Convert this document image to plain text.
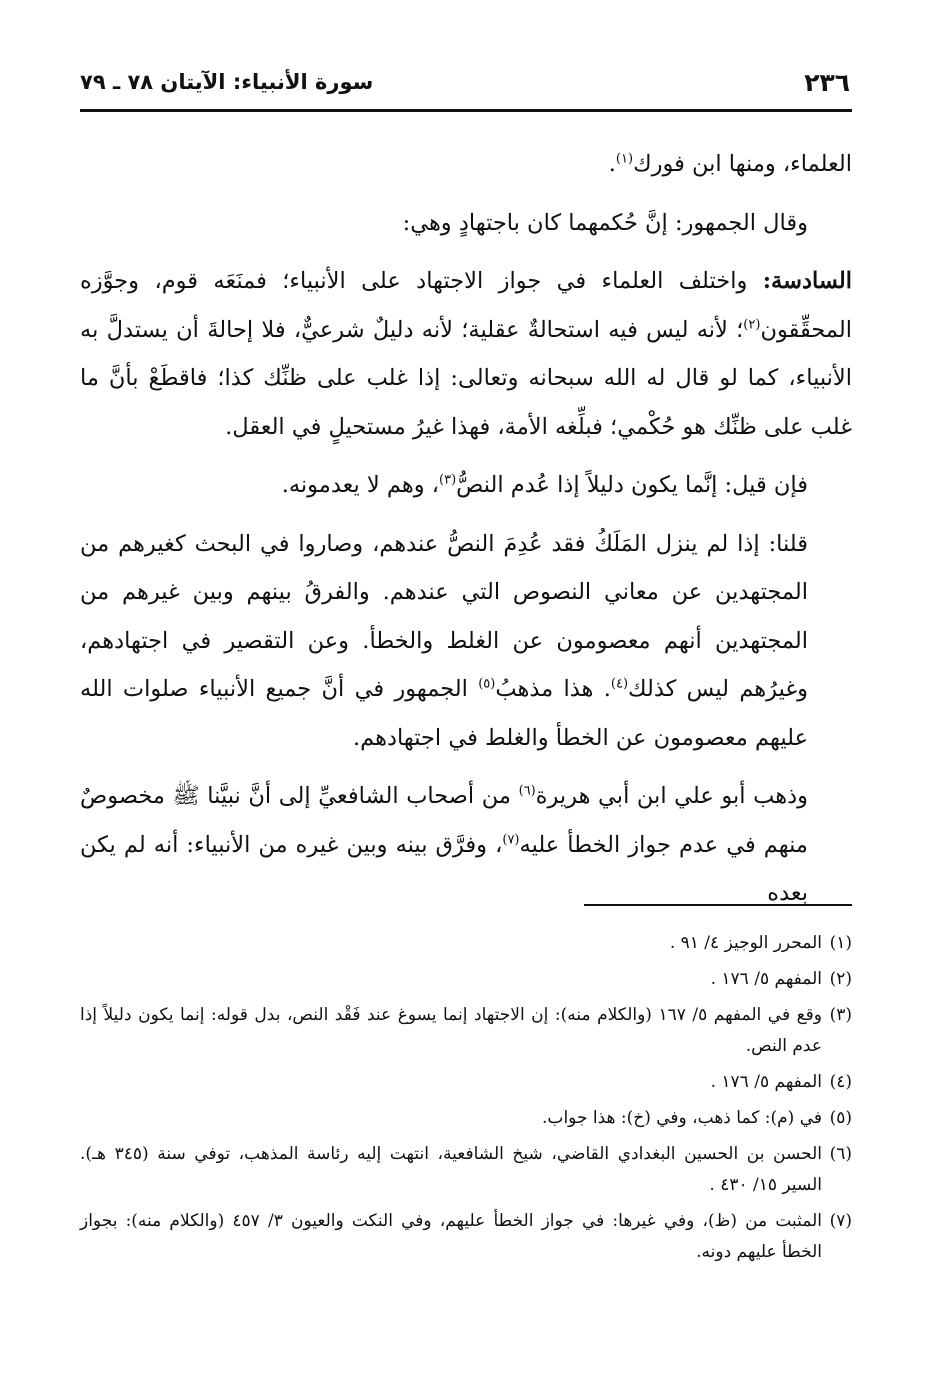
٢٣٦
سورة الأنبياء: الآيتان ٧٨ ـ ٧٩

العلماء، ومنها ابن فورك$^{(١)}$.

وقال الجمهور: إنَّ حُكمهما كان باجتهادٍ وهي:

السادسة: واختلف العلماء في جواز الاجتهاد على الأنبياء؛ فمنَعَه قوم، وجوَّزه المحقِّقون$^{(٢)}$؛ لأنه ليس فيه استحالةٌ عقلية؛ لأنه دليلٌ شرعيٌّ، فلا إحالةَ أن يستدلَّ به الأنبياء، كما لو قال له الله سبحانه وتعالى: إذا غلب على ظنِّك كذا؛ فاقطَعْ بأنَّ ما غلب على ظنِّك هو حُكْمي؛ فبلِّغه الأمة، فهذا غيرُ مستحيلٍ في العقل.

فإن قيل: إنَّما يكون دليلاً إذا عُدم النصُّ$^{(٣)}$، وهم لا يعدمونه.

قلنا: إذا لم ينزل المَلَكُ فقد عُدِمَ النصُّ عندهم، وصاروا في البحث كغيرهم من المجتهدين عن معاني النصوص التي عندهم. والفرقُ بينهم وبين غيرهم من المجتهدين أنهم معصومون عن الغلط والخطأ. وعن التقصير في اجتهادهم، وغيرُهم ليس كذلك$^{(٤)}$. هذا مذهبُ$^{(٥)}$ الجمهور في أنَّ جميع الأنبياء صلوات الله عليهم معصومون عن الخطأ والغلط في اجتهادهم.

وذهب أبو علي ابن أبي هريرة$^{(٦)}$ من أصحاب الشافعيِّ إلى أنَّ نبيَّنا ﷺ مخصوصٌ منهم في عدم جواز الخطأ عليه$^{(٧)}$، وفرَّق بينه وبين غيره من الأنبياء: أنه لم يكن بعده

(١)المحرر الوجيز ٤/ ٩١ .

(٢)المفهم ٥/ ١٧٦ .

(٣)وقع في المفهم ٥/ ١٦٧ (والكلام منه): إن الاجتهاد إنما يسوغ عند فَقْد النص، بدل قوله: إنما يكون دليلاً إذا عدم النص.

(٤)المفهم ٥/ ١٧٦ .

(٥)في (م): كما ذهب، وفي (خ): هذا جواب.

(٦)الحسن بن الحسين البغدادي القاضي، شيخ الشافعية، انتهت إليه رئاسة المذهب، توفي سنة (٣٤٥ هـ). السير ١٥/ ٤٣٠ .

(٧)المثبت من (ظ)، وفي غيرها: في جواز الخطأ عليهم، وفي النكت والعيون ٣/ ٤٥٧ (والكلام منه): بجواز الخطأ عليهم دونه.
